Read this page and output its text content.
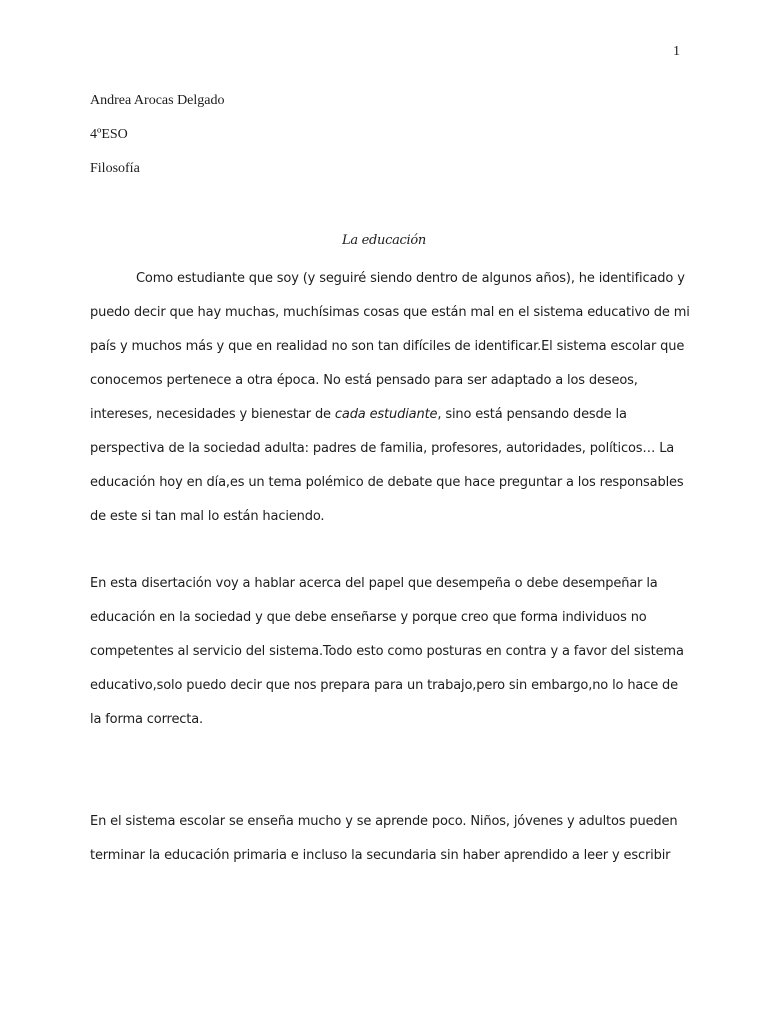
1
Andrea Arocas Delgado
4ºESO
Filosofía
La educación
Como estudiante que soy (y seguiré siendo dentro de algunos años), he identificado y
puedo decir que hay muchas, muchísimas cosas que están mal en el sistema educativo de mi
país y muchos más y que en realidad no son tan difíciles de identificar.El sistema escolar que
conocemos pertenece a otra época. No está pensado para ser adaptado a los deseos,
intereses, necesidades y bienestar de cada estudiante, sino está pensando desde la
perspectiva de la sociedad adulta: padres de familia, profesores, autoridades, políticos… La
educación hoy en día,es un tema polémico de debate que hace preguntar a los responsables
de este si tan mal lo están haciendo.
En esta disertación voy a hablar acerca del papel que desempeña o debe desempeñar la
educación en la sociedad y que debe enseñarse y porque creo que forma individuos no
competentes al servicio del sistema.Todo esto como posturas en contra y a favor del sistema
educativo,solo puedo decir que nos prepara para un trabajo,pero sin embargo,no lo hace de
la forma correcta.
En el sistema escolar se enseña mucho y se aprende poco. Niños, jóvenes y adultos pueden
terminar la educación primaria e incluso la secundaria sin haber aprendido a leer y escribir
